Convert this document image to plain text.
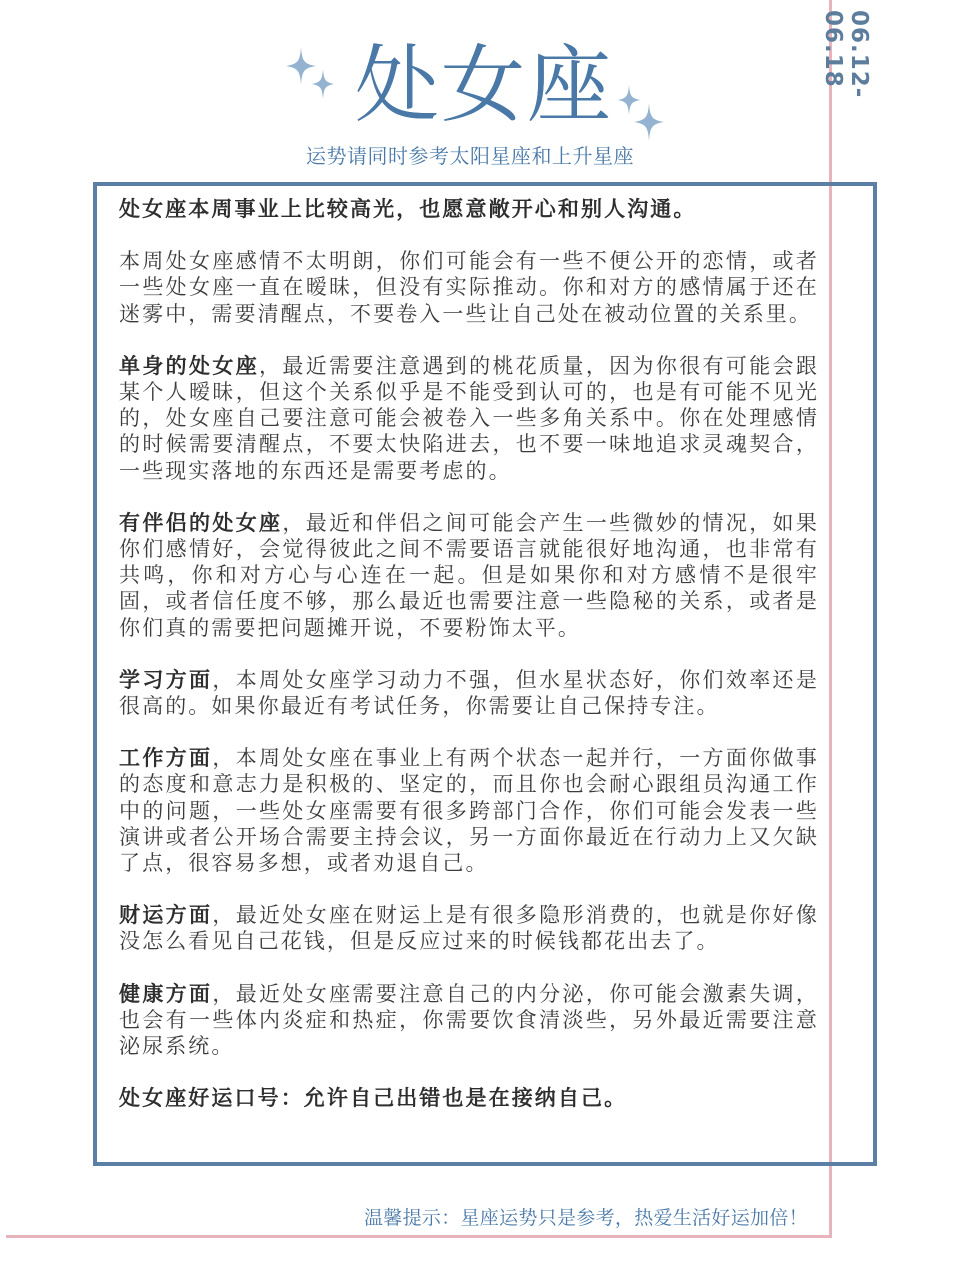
06.12-06.18
处女座
运势请同时参考太阳星座和上升星座

处女座本周事业上比较高光，也愿意敞开心和别人沟通。

本周处女座感情不太明朗，你们可能会有一些不便公开的恋情，或者一些处女座一直在暧昧，但没有实际推动。你和对方的感情属于还在迷雾中，需要清醒点，不要卷入一些让自己处在被动位置的关系里。

单身的处女座，最近需要注意遇到的桃花质量，因为你很有可能会跟某个人暧昧，但这个关系似乎是不能受到认可的，也是有可能不见光的，处女座自己要注意可能会被卷入一些多角关系中。你在处理感情的时候需要清醒点，不要太快陷进去，也不要一味地追求灵魂契合，一些现实落地的东西还是需要考虑的。

有伴侣的处女座，最近和伴侣之间可能会产生一些微妙的情况，如果你们感情好，会觉得彼此之间不需要语言就能很好地沟通，也非常有共鸣，你和对方心与心连在一起。但是如果你和对方感情不是很牢固，或者信任度不够，那么最近也需要注意一些隐秘的关系，或者是你们真的需要把问题摊开说，不要粉饰太平。

学习方面，本周处女座学习动力不强，但水星状态好，你们效率还是很高的。如果你最近有考试任务，你需要让自己保持专注。

工作方面，本周处女座在事业上有两个状态一起并行，一方面你做事的态度和意志力是积极的、坚定的，而且你也会耐心跟组员沟通工作中的问题，一些处女座需要有很多跨部门合作，你们可能会发表一些演讲或者公开场合需要主持会议，另一方面你最近在行动力上又欠缺了点，很容易多想，或者劝退自己。

财运方面，最近处女座在财运上是有很多隐形消费的，也就是你好像没怎么看见自己花钱，但是反应过来的时候钱都花出去了。

健康方面，最近处女座需要注意自己的内分泌，你可能会激素失调，也会有一些体内炎症和热症，你需要饮食清淡些，另外最近需要注意泌尿系统。

处女座好运口号：允许自己出错也是在接纳自己。

温馨提示：星座运势只是参考，热爱生活好运加倍！
